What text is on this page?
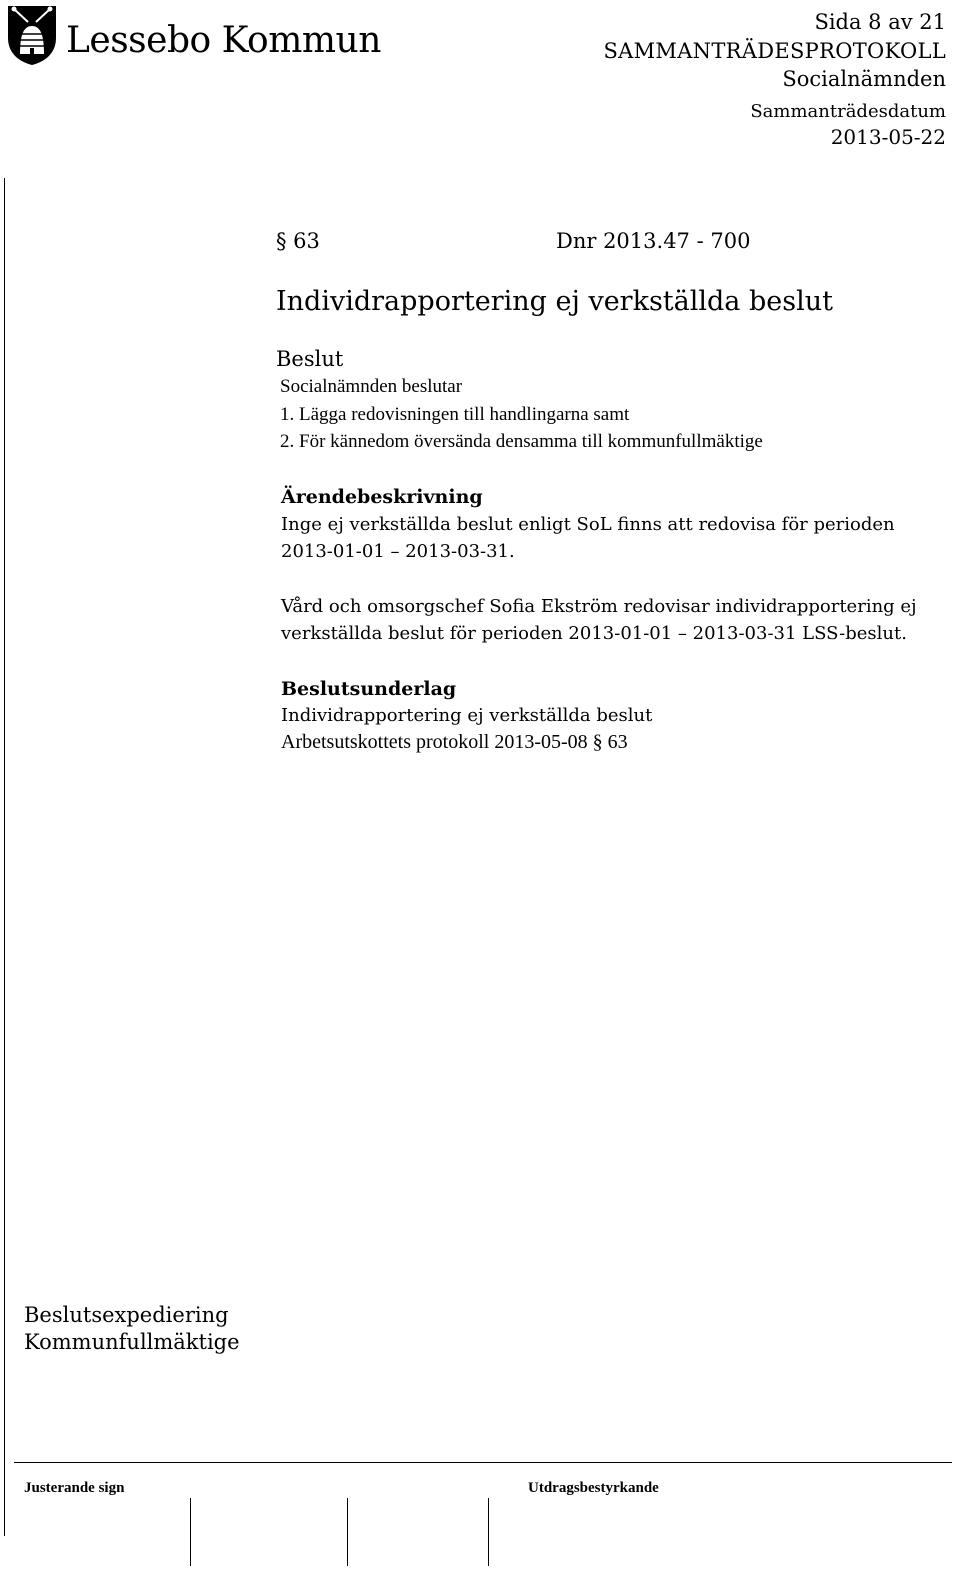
Lessebo Kommun	Sida 8 av 21
SAMMANTRÄDESPROTOKOLL
Socialnämnden
Sammanträdesdatum
2013-05-22
§ 63	Dnr 2013.47 - 700
Individrapportering ej verkställda beslut
Beslut
Socialnämnden beslutar
1. Lägga redovisningen till handlingarna samt
2. För kännedom översända densamma till kommunfullmäktige
Ärendebeskrivning
Inge ej verkställda beslut enligt SoL finns att redovisa för perioden
2013-01-01 – 2013-03-31.
Vård och omsorgschef Sofia Ekström redovisar individrapportering ej
verkställda beslut för perioden 2013-01-01 – 2013-03-31 LSS-beslut.
Beslutsunderlag
Individrapportering ej verkställda beslut
Arbetsutskottets protokoll 2013-05-08 § 63
Beslutsexpediering
Kommunfullmäktige
Justerande sign	Utdragsbestyrkande
